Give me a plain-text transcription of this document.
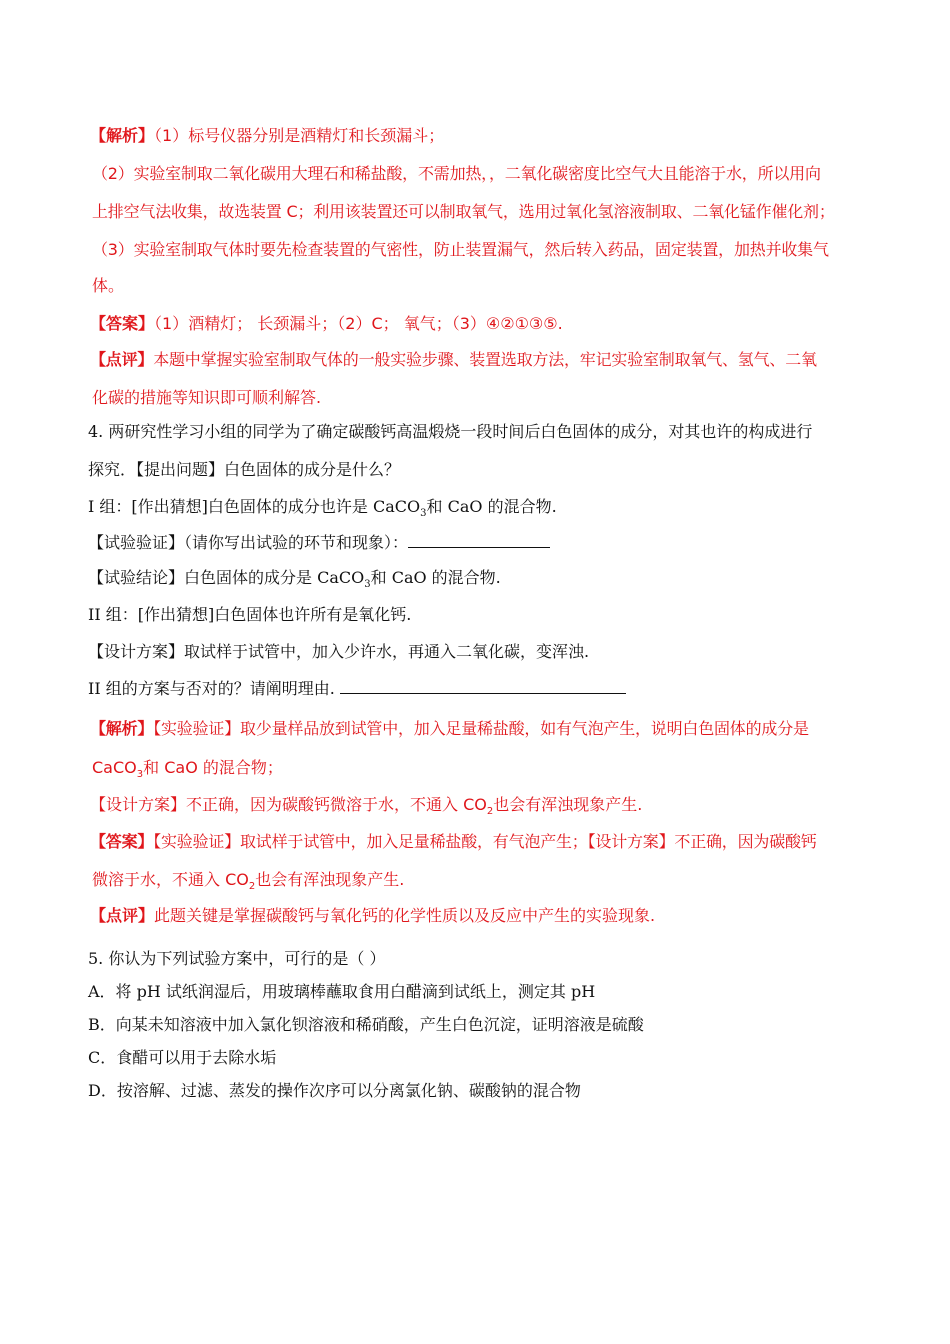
【解析】（1）标号仪器分别是酒精灯和长颈漏斗；
（2）实验室制取二氧化碳用大理石和稀盐酸，不需加热，，二氧化碳密度比空气大且能溶于水，所以用向
上排空气法收集，故选装置 C；利用该装置还可以制取氧气，选用过氧化氢溶液制取、二氧化锰作催化剂；
（3）实验室制取气体时要先检查装置的气密性，防止装置漏气，然后转入药品，固定装置，加热并收集气
体。
【答案】（1）酒精灯； 长颈漏斗；（2）C； 氧气；（3）④②①③⑤.
【点评】本题中掌握实验室制取气体的一般实验步骤、装置选取方法，牢记实验室制取氧气、氢气、二氧
化碳的措施等知识即可顺利解答.
4. 两研究性学习小组的同学为了确定碳酸钙高温煅烧一段时间后白色固体的成分，对其也许的构成进行
探究．【提出问题】白色固体的成分是什么？
I 组：[作出猜想]白色固体的成分也许是 CaCO$_3$和 CaO 的混合物.
【试验验证】（请你写出试验的环节和现象）：
【试验结论】白色固体的成分是 CaCO$_3$和 CaO 的混合物.
II 组：[作出猜想]白色固体也许所有是氧化钙.
【设计方案】取试样于试管中，加入少许水，再通入二氧化碳，变浑浊.
II 组的方案与否对的？请阐明理由.
【解析】【实验验证】取少量样品放到试管中，加入足量稀盐酸，如有气泡产生，说明白色固体的成分是
CaCO$_3$和 CaO 的混合物；
【设计方案】不正确，因为碳酸钙微溶于水，不通入 $CO_2$也会有浑浊现象产生.
【答案】【实验验证】取试样于试管中，加入足量稀盐酸，有气泡产生；【设计方案】不正确，因为碳酸钙
微溶于水，不通入 $CO_2$也会有浑浊现象产生.
【点评】此题关键是掌握碳酸钙与氧化钙的化学性质以及反应中产生的实验现象.
5. 你认为下列试验方案中，可行的是（ ）
A．将 pH 试纸润湿后，用玻璃棒蘸取食用白醋滴到试纸上，测定其 pH
B．向某未知溶液中加入氯化钡溶液和稀硝酸，产生白色沉淀，证明溶液是硫酸
C．食醋可以用于去除水垢
D．按溶解、过滤、蒸发的操作次序可以分离氯化钠、碳酸钠的混合物
